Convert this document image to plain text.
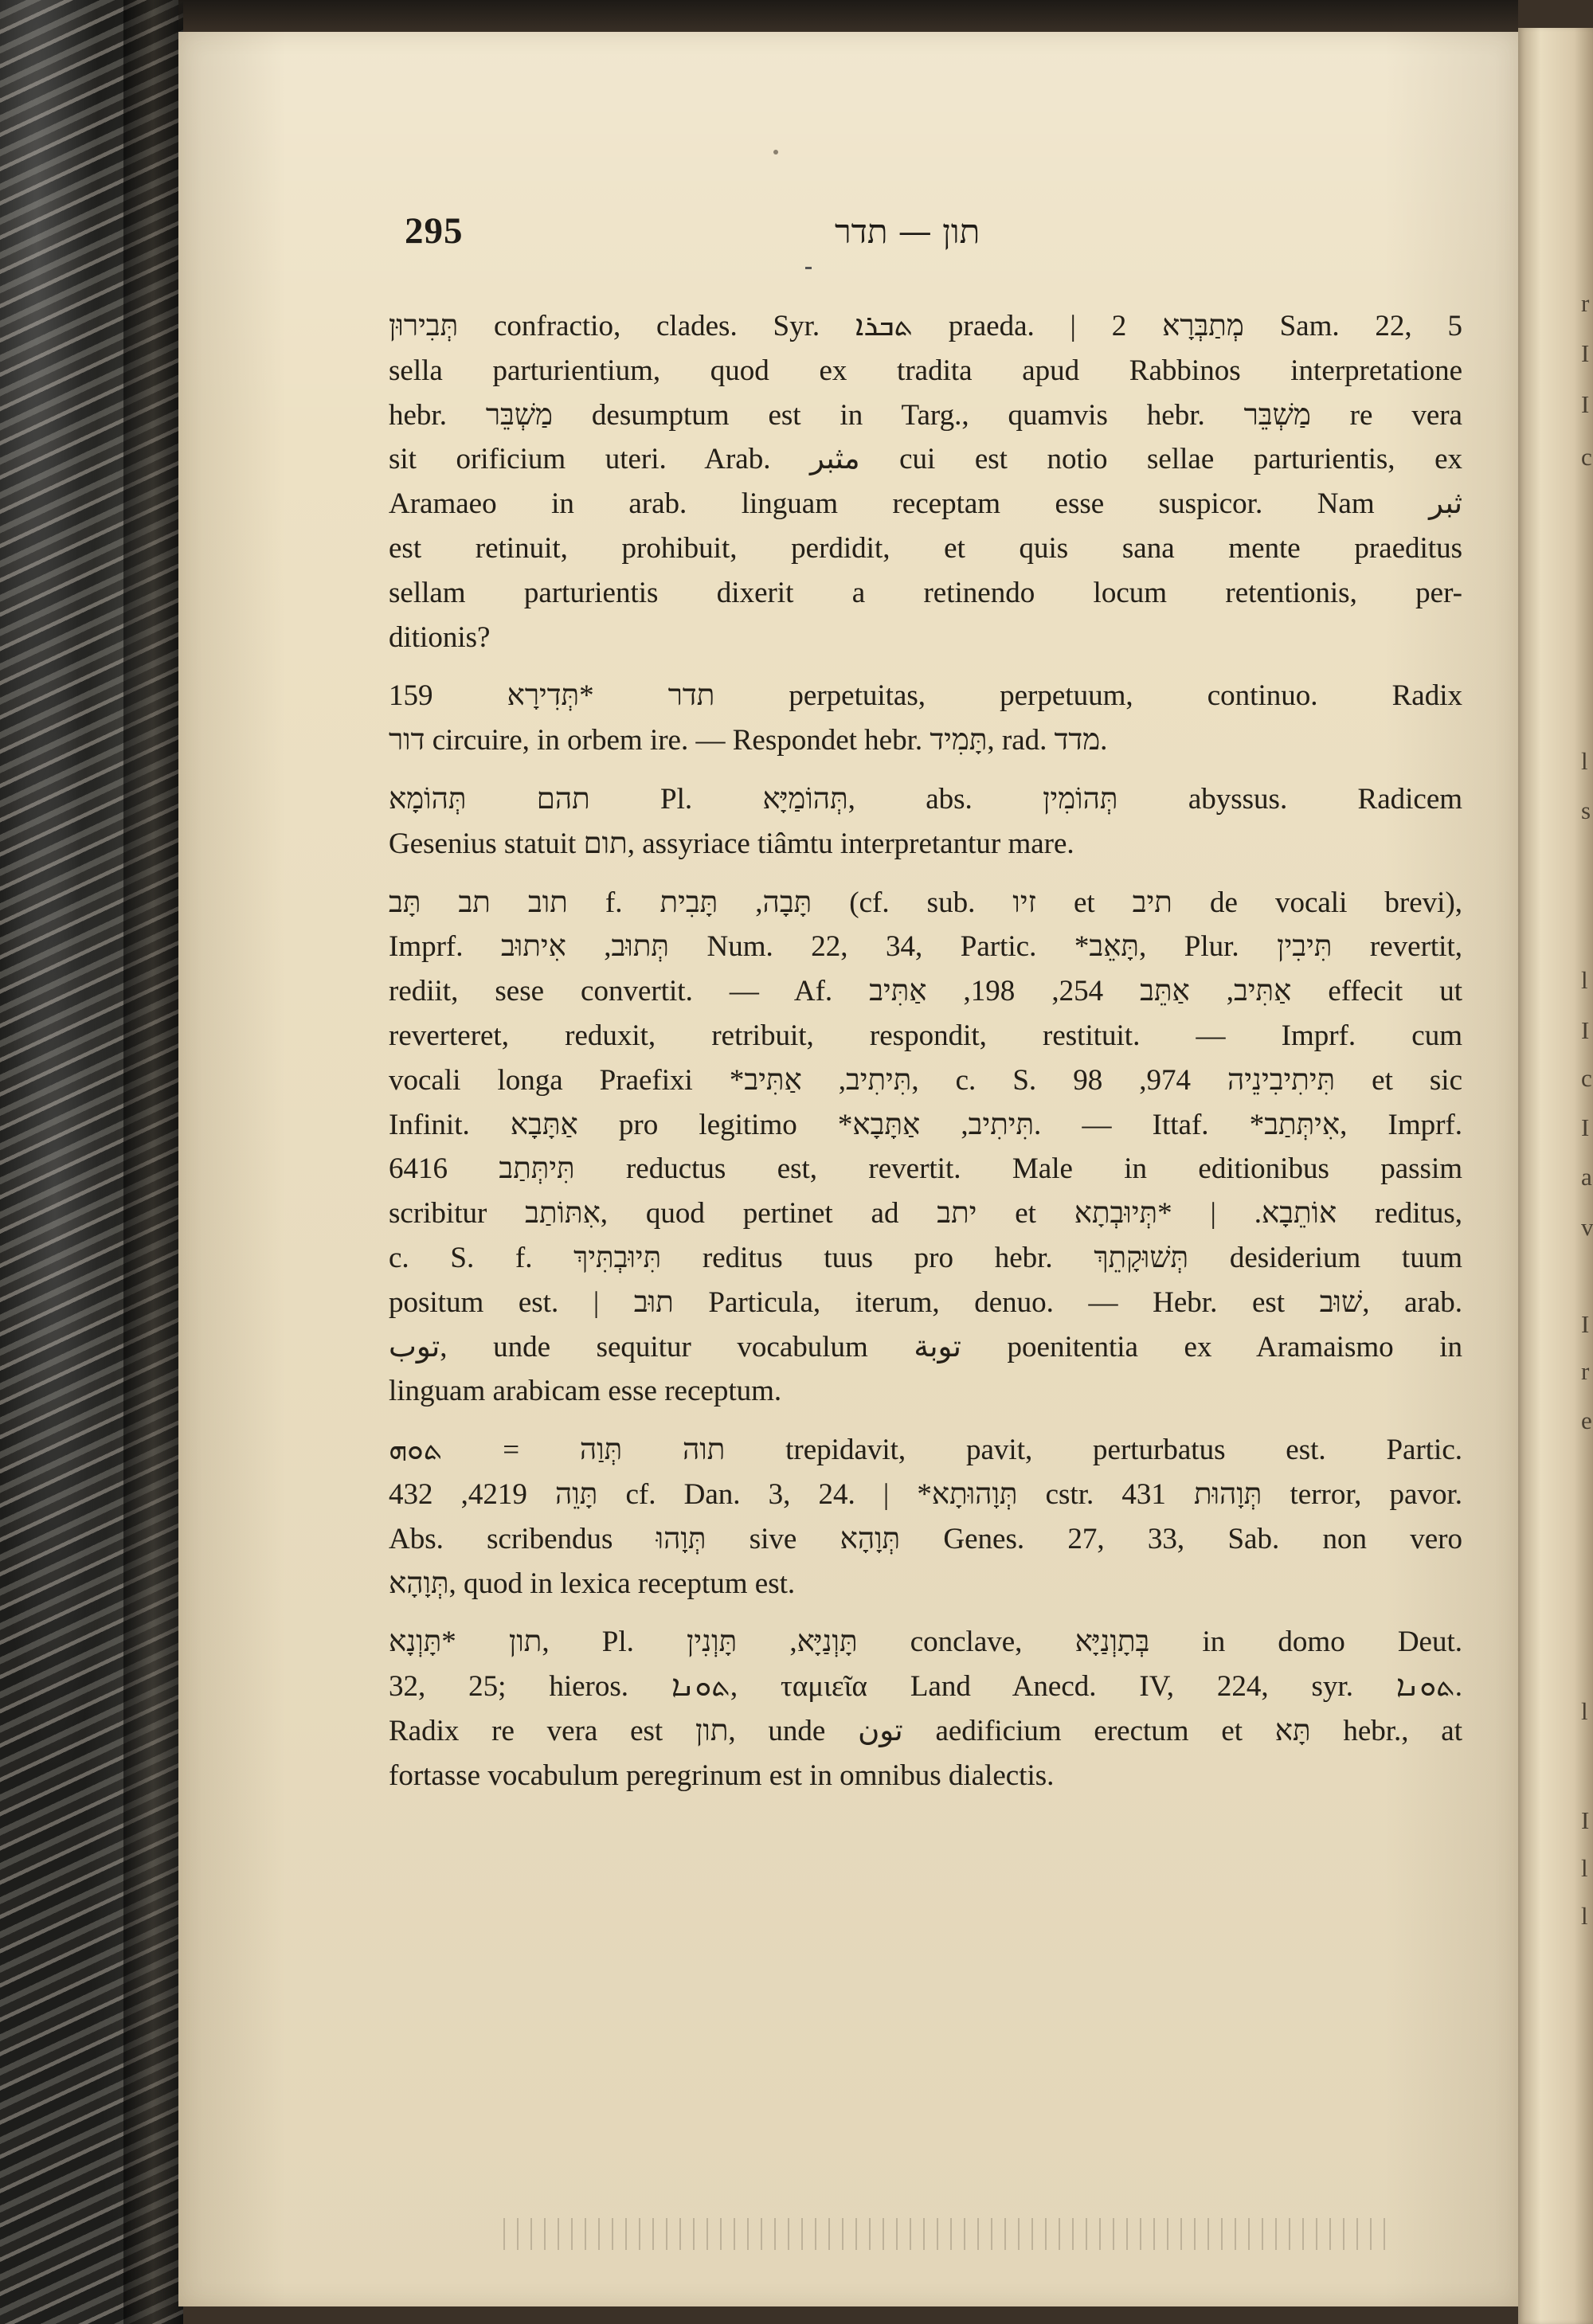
r
I
I
c
l
s
l
I
c
I
a
v
I
r
e
l
I
l
l
295	תון — תדר
תְּבִירוּן confractio, clades. Syr. ܬܒܪܐ praeda. | מְתַבְּרָא 2 Sam. 22, 5
sella parturientium, quod ex tradita apud Rabbinos interpretatione
hebr. מַשְׁבֵּר desumptum est in Targ., quamvis hebr. מַשְׁבֵּר re vera
sit orificium uteri. Arab. مثبر cui est notio sellae parturientis, ex
Aramaeo in arab. linguam receptam esse suspicor. Nam ثبر
est retinuit, prohibuit, perdidit, et quis sana mente praeditus
sellam parturientis dixerit a retinendo locum retentionis, per-
ditionis?
תדר *תְּדִירָא 159 perpetuitas, perpetuum, continuo. Radix
דור circuire, in orbem ire. — Respondet hebr. תָּמִיד, rad. מדד.
תהם תְּהוֹמָא Pl. תְּהוֹמַיָּא, abs. תְּהוֹמִין abyssus. Radicem
Gesenius statuit תום, assyriace tiâmtu interpretantur mare.
תוב תב תָּב f. תָּבָה, תָּבִית (cf. sub. זיו et תיב de vocali brevi),
Imprf. תְּתוּב, אִיתוּב Num. 22, 34, Partic. *תָּאֵב, Plur. תִּיבִין revertit,
rediit, sese convertit. — Af. אַתִּיב, אַתֵּב 254, 198, אַתִּיב effecit ut
reverteret, reduxit, retribuit, respondit, restituit. — Imprf. cum
vocali longa Praefixi *תִּיתִיב, אַתִּיב, c. S. תִּיתִיבִינֵיה 974, 98 et sic
Infinit. אַתָּבָא pro legitimo *תִּיתִיב, אַתָּבָא. — Ittaf. *אִיתְּתַב, Imprf.
תִּיתְּתַב 6416 reductus est, revertit. Male in editionibus passim
scribitur אִתּוֹתַב, quod pertinet ad יתב et אוֹתֵבָא. | *תְּיוּבְתָא reditus,
c. S. f. תִּיוּבְתִּיךְ reditus tuus pro hebr. תְּשׁוּקָתֵךְ desiderium tuum
positum est. | תוּב Particula, iterum, denuo. — Hebr. est שׁוּב, arab.
توب, unde sequitur vocabulum توبة poenitentia ex Aramaismo in
linguam arabicam esse receptum.
תוה תְּוַה = ܬܘܗ trepidavit, pavit, perturbatus est. Partic.
תָּוֵה 4219, 432 cf. Dan. 3, 24. | *תְּוָהוּתָא cstr. תְּוָהוּת 431 terror, pavor.
Abs. scribendus תְּוָהוּ sive תְּוָהָא Genes. 27, 33, Sab. non vero
תְּוָהָא, quod in lexica receptum est.
תון *תָּוְנָא, Pl. תָּוְנַיָּא, תָּוְנִין conclave, בְּתָוְנַיָּא in domo Deut.
32, 25; hieros. ܬܘܢܐ, ταμιεῖα Land Anecd. IV, 224, syr. ܬܘܢܐ.
Radix re vera est תון, unde تون aedificium erectum et תָּא hebr., at
fortasse vocabulum peregrinum est in omnibus dialectis.
